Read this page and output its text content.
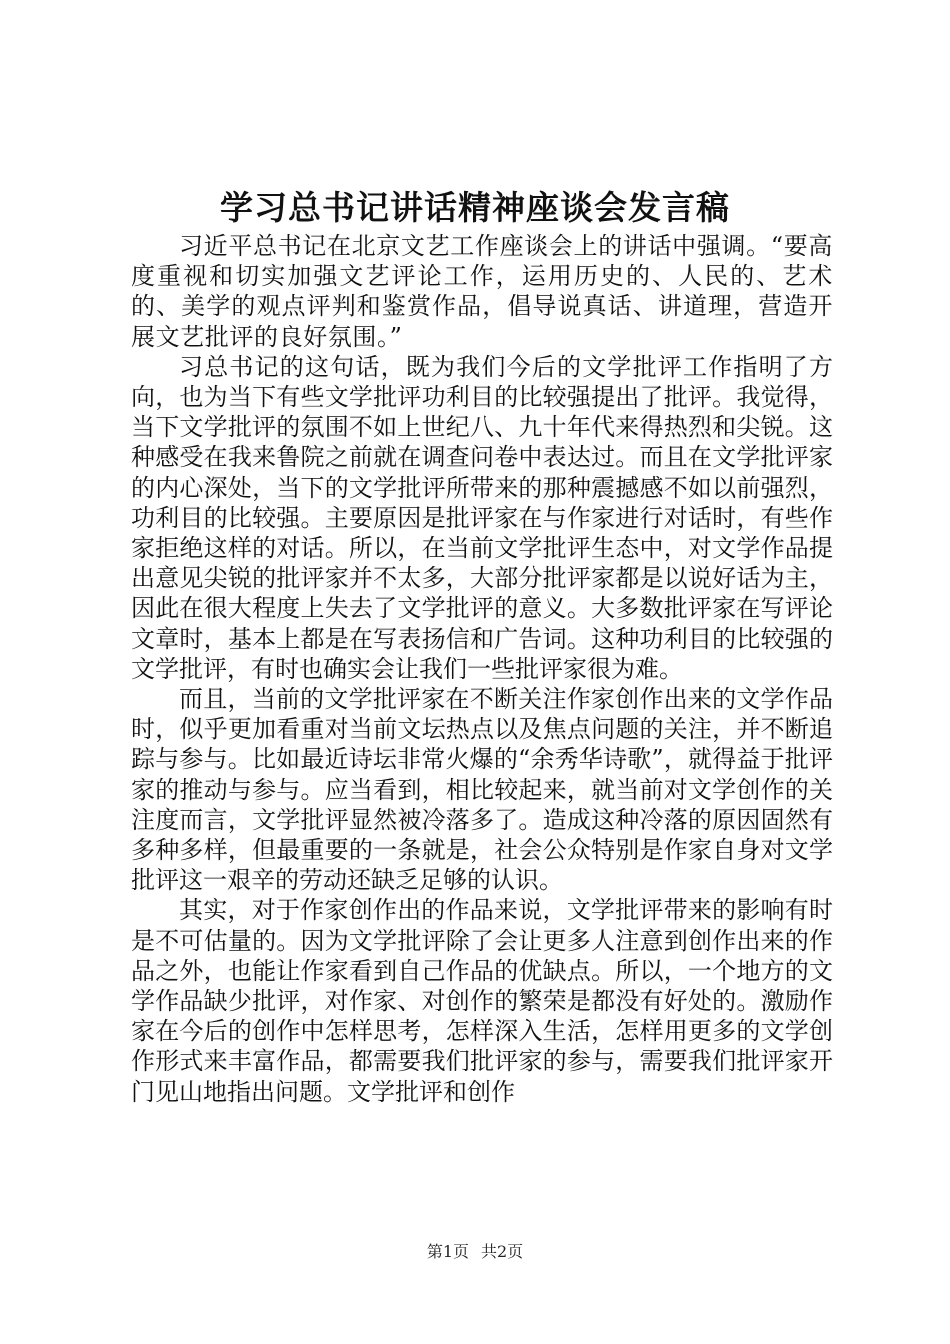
学习总书记讲话精神座谈会发言稿

习近平总书记在北京文艺工作座谈会上的讲话中强调。“要高度重视和切实加强文艺评论工作，运用历史的、人民的、艺术的、美学的观点评判和鉴赏作品，倡导说真话、讲道理，营造开展文艺批评的良好氛围。”

习总书记的这句话，既为我们今后的文学批评工作指明了方向，也为当下有些文学批评功利目的比较强提出了批评。我觉得，当下文学批评的氛围不如上世纪八、九十年代来得热烈和尖锐。这种感受在我来鲁院之前就在调查问卷中表达过。而且在文学批评家的内心深处，当下的文学批评所带来的那种震撼感不如以前强烈，功利目的比较强。主要原因是批评家在与作家进行对话时，有些作家拒绝这样的对话。所以，在当前文学批评生态中，对文学作品提出意见尖锐的批评家并不太多，大部分批评家都是以说好话为主，因此在很大程度上失去了文学批评的意义。大多数批评家在写评论文章时，基本上都是在写表扬信和广告词。这种功利目的比较强的文学批评，有时也确实会让我们一些批评家很为难。

而且，当前的文学批评家在不断关注作家创作出来的文学作品时，似乎更加看重对当前文坛热点以及焦点问题的关注，并不断追踪与参与。比如最近诗坛非常火爆的“余秀华诗歌”，就得益于批评家的推动与参与。应当看到，相比较起来，就当前对文学创作的关注度而言，文学批评显然被冷落多了。造成这种冷落的原因固然有多种多样，但最重要的一条就是，社会公众特别是作家自身对文学批评这一艰辛的劳动还缺乏足够的认识。

其实，对于作家创作出的作品来说，文学批评带来的影响有时是不可估量的。因为文学批评除了会让更多人注意到创作出来的作品之外，也能让作家看到自己作品的优缺点。所以，一个地方的文学作品缺少批评，对作家、对创作的繁荣是都没有好处的。激励作家在今后的创作中怎样思考，怎样深入生活，怎样用更多的文学创作形式来丰富作品，都需要我们批评家的参与，需要我们批评家开门见山地指出问题。文学批评和创作

第1页 共2页
